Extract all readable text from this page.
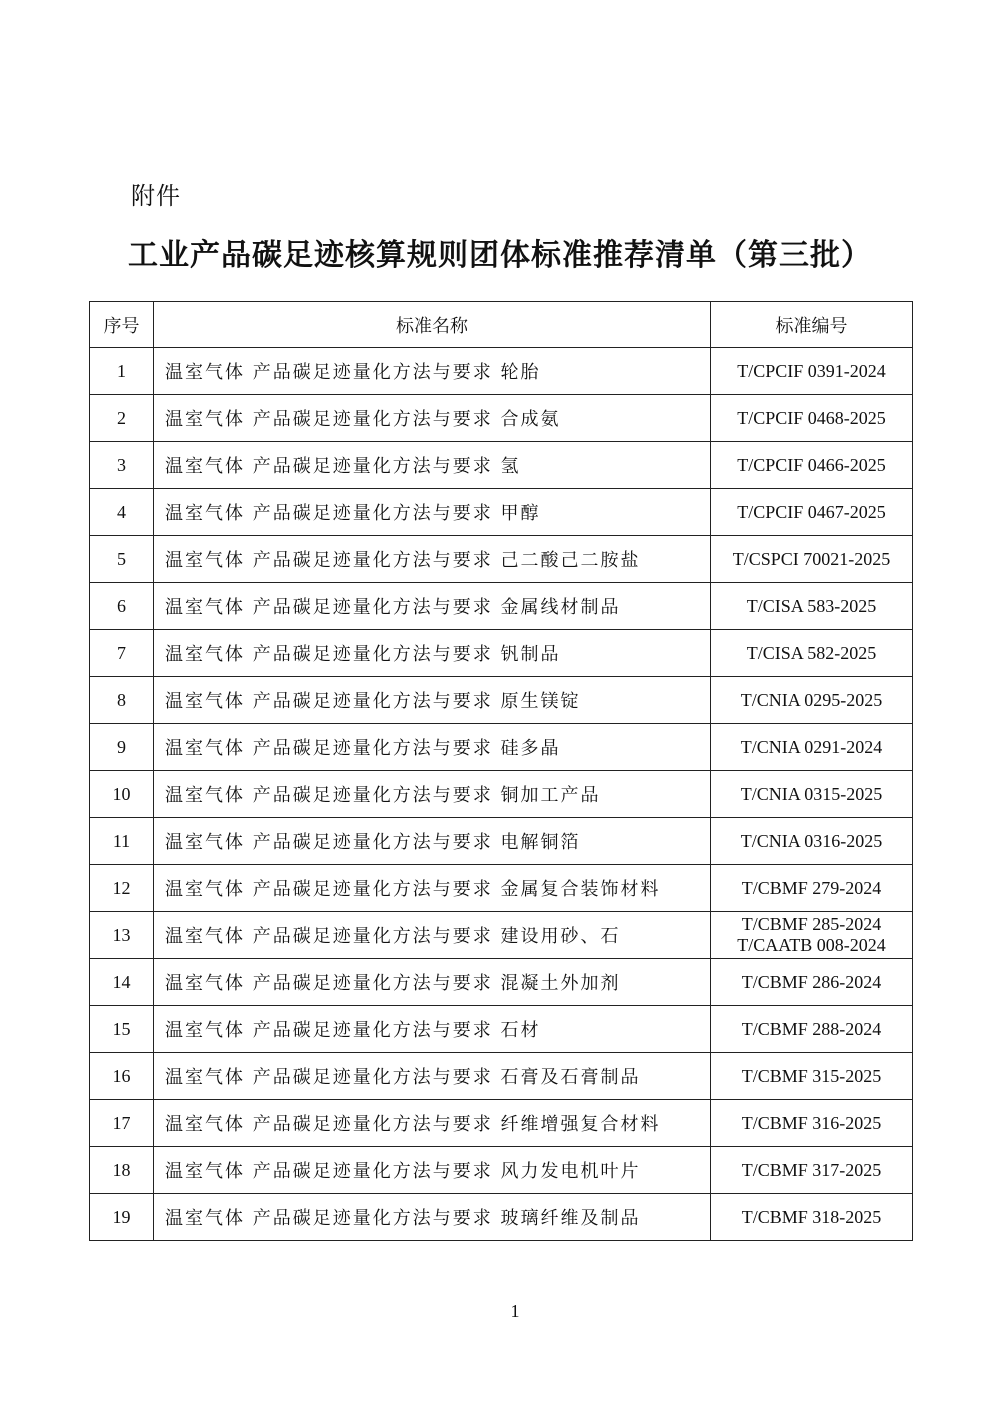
附件
工业产品碳足迹核算规则团体标准推荐清单（第三批）
序号	标准名称	标准编号
1	温室气体 产品碳足迹量化方法与要求 轮胎	T/CPCIF 0391-2024

2	温室气体 产品碳足迹量化方法与要求 合成氨	T/CPCIF 0468-2025

3	温室气体 产品碳足迹量化方法与要求 氢	T/CPCIF 0466-2025

4	温室气体 产品碳足迹量化方法与要求 甲醇	T/CPCIF 0467-2025

5	温室气体 产品碳足迹量化方法与要求 己二酸己二胺盐	T/CSPCI 70021-2025

6	温室气体 产品碳足迹量化方法与要求 金属线材制品	T/CISA 583-2025

7	温室气体 产品碳足迹量化方法与要求 钒制品	T/CISA 582-2025

8	温室气体 产品碳足迹量化方法与要求 原生镁锭	T/CNIA 0295-2025

9	温室气体 产品碳足迹量化方法与要求 硅多晶	T/CNIA 0291-2024

10	温室气体 产品碳足迹量化方法与要求 铜加工产品	T/CNIA 0315-2025

11	温室气体 产品碳足迹量化方法与要求 电解铜箔	T/CNIA 0316-2025

12	温室气体 产品碳足迹量化方法与要求 金属复合装饰材料	T/CBMF 279-2024

13	温室气体 产品碳足迹量化方法与要求 建设用砂、石	T/CBMF 285-2024
T/CAATB 008-2024

14	温室气体 产品碳足迹量化方法与要求 混凝土外加剂	T/CBMF 286-2024

15	温室气体 产品碳足迹量化方法与要求 石材	T/CBMF 288-2024

16	温室气体 产品碳足迹量化方法与要求 石膏及石膏制品	T/CBMF 315-2025

17	温室气体 产品碳足迹量化方法与要求 纤维增强复合材料	T/CBMF 316-2025

18	温室气体 产品碳足迹量化方法与要求 风力发电机叶片	T/CBMF 317-2025

19	温室气体 产品碳足迹量化方法与要求 玻璃纤维及制品	T/CBMF 318-2025
1
